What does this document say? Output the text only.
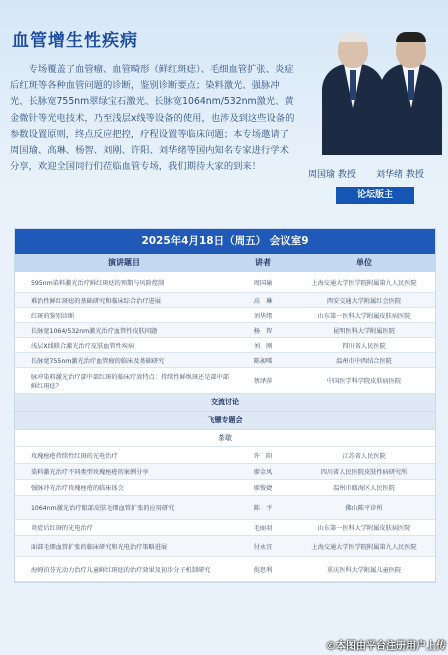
血管增生性疾病
专场覆盖了血管瘤、血管畸形（鲜红斑痣）、毛细血管扩张、炎症后红斑等各种血管问题的诊断，鉴别诊断要点；染料激光、强脉冲光、长脉宽755nm翠绿宝石激光、长脉宽1064nm/532nm激光、黄金微针等光电技术，乃至浅层x线等设备的使用，也涉及到这些设备的参数设置原则，终点反应把控，疗程设置等临床问题；本专场邀请了周国瑜、高琳、杨智、刘刚、许阳、刘华绪等国内知名专家进行学术分享，欢迎全国同行们莅临血管专场，我们期待大家的到来！
周国瑜 教授 刘华绪 教授
论坛版主
2025年4月18日（周五） 会议室9
演讲题目	讲者	单位
595nm染料激光治疗鲜红斑痣的预期与风险控制	周国瑜	上海交通大学医学院附属第九人民医院
难治性鲜红斑痣的基础研究和临床综合治疗进展	高　琳	西安交通大学附属红会医院
红斑的鉴别诊断	刘华绪	山东第一医科大学附属皮肤病医院
长脉宽1064/532nm激光治疗血管性皮肤问题	杨　智	昆明医科大学附属医院
浅层X线联合激光治疗皮肤血管性疾病	刘　刚	四川省人民医院
长脉宽755nm激光治疗血管瘤的临床及基础研究	陈昶唏	温州市中西结合医院
脉冲染料激光治疗部中部红斑的临床疗效特点：持续性鲜焕斑还是部中部鲜红斑痣？
蔡泽萍	中国医学科学院皮肤病医院
交流讨论
飞镖专题会
茶歇
玫瑰痤疮持续性红斑的光电治疗	许　阳	江苏省人民医院
染料激光治疗不同类型玫瑰痤疮的案例分享	廖金凤	四川省人民医院皮肤性病研究所
强脉冲光治疗玫瑰痤疮的临床体会	廖俊婕	温州市瓯海区人民医院
1064nm激光治疗眼部皮肤毛细血管扩张的应用研究	陈　平	佛山陈平诊所
炎症后红斑的光电治疗	毛丽羽	山东第一医科大学附属皮肤病医院
面部毛细血管扩张的临床研究和光电治疗策略进展	付永宜	上海交通大学医学院附属第九人民医院
海姆泊芬光动力治疗儿童鲜红斑痣的治疗效果及初步分子机制研究	倪思利	重庆医科大学附属儿童医院
©本图由平台注册用户上传
